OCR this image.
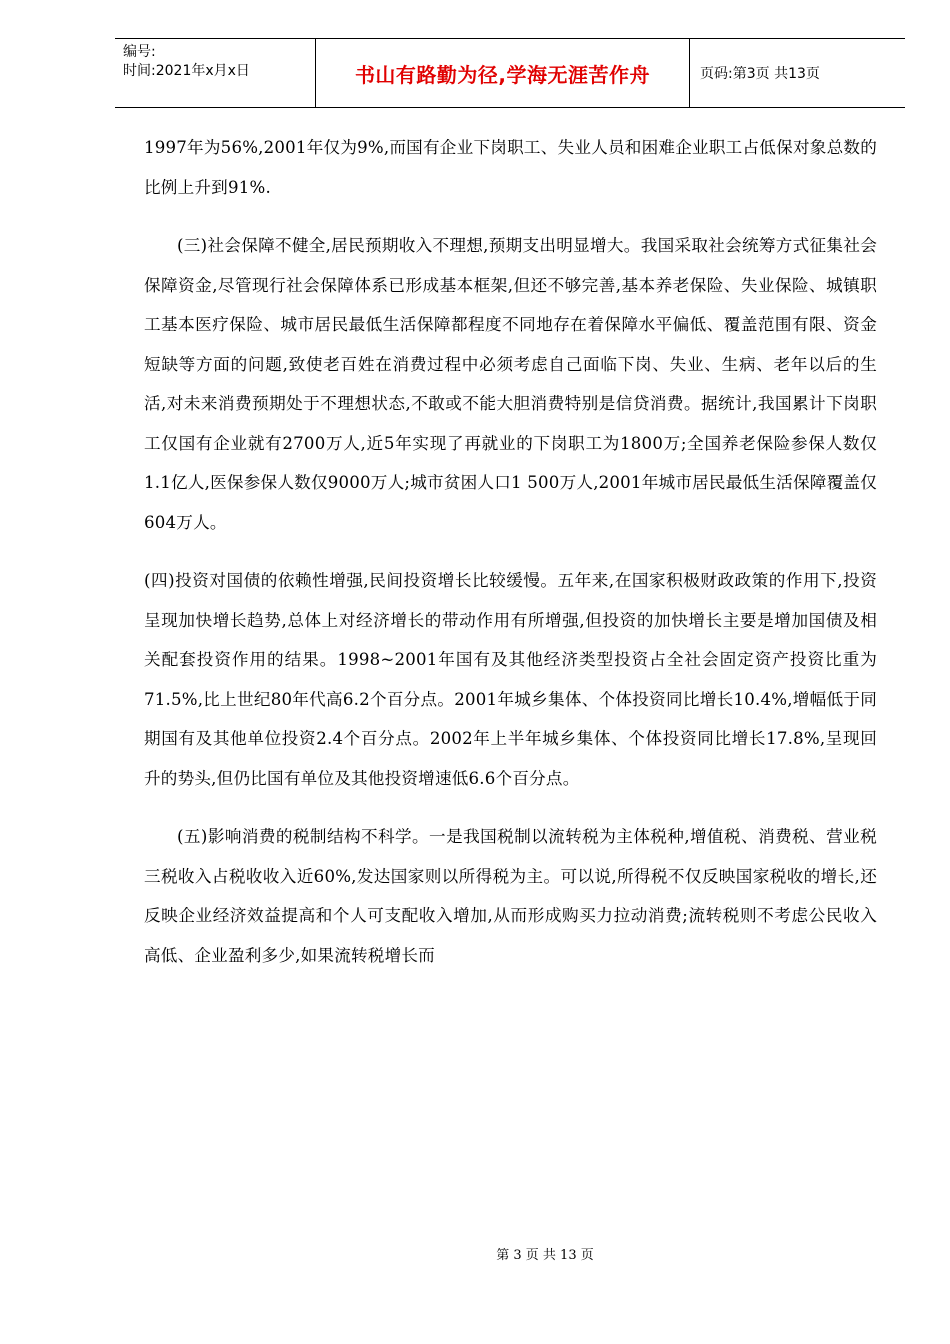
编号:
时间:2021年x月x日	书山有路勤为径,学海无涯苦作舟	页码:第3页 共13页

1997年为56%,2001年仅为9%,而国有企业下岗职工、失业人员和困难企业职工占低保对象总数的比例上升到91%.

(三)社会保障不健全,居民预期收入不理想,预期支出明显增大。我国采取社会统筹方式征集社会保障资金,尽管现行社会保障体系已形成基本框架,但还不够完善,基本养老保险、失业保险、城镇职工基本医疗保险、城市居民最低生活保障都程度不同地存在着保障水平偏低、覆盖范围有限、资金短缺等方面的问题,致使老百姓在消费过程中必须考虑自己面临下岗、失业、生病、老年以后的生活,对未来消费预期处于不理想状态,不敢或不能大胆消费特别是信贷消费。据统计,我国累计下岗职工仅国有企业就有2700万人,近5年实现了再就业的下岗职工为1800万;全国养老保险参保人数仅1.1亿人,医保参保人数仅9000万人;城市贫困人口1 500万人,2001年城市居民最低生活保障覆盖仅604万人。

(四)投资对国债的依赖性增强,民间投资增长比较缓慢。五年来,在国家积极财政政策的作用下,投资呈现加快增长趋势,总体上对经济增长的带动作用有所增强,但投资的加快增长主要是增加国债及相关配套投资作用的结果。1998~2001年国有及其他经济类型投资占全社会固定资产投资比重为71.5%,比上世纪80年代高6.2个百分点。2001年城乡集体、个体投资同比增长10.4%,增幅低于同期国有及其他单位投资2.4个百分点。2002年上半年城乡集体、个体投资同比增长17.8%,呈现回升的势头,但仍比国有单位及其他投资增速低6.6个百分点。

(五)影响消费的税制结构不科学。一是我国税制以流转税为主体税种,增值税、消费税、营业税三税收入占税收收入近60%,发达国家则以所得税为主。可以说,所得税不仅反映国家税收的增长,还反映企业经济效益提高和个人可支配收入增加,从而形成购买力拉动消费;流转税则不考虑公民收入高低、企业盈利多少,如果流转税增长而

第 3 页 共 13 页
